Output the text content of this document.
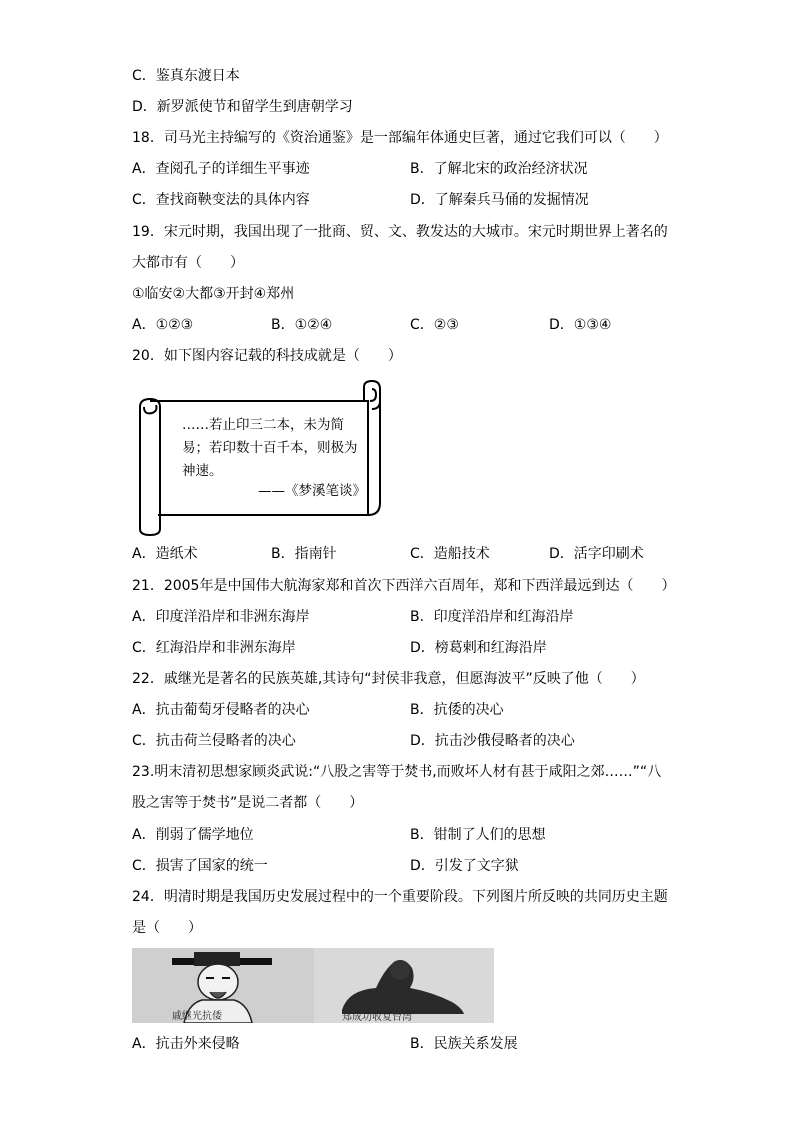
C．鉴真东渡日本
D．新罗派使节和留学生到唐朝学习
18．司马光主持编写的《资治通鉴》是一部编年体通史巨著，通过它我们可以（　　）
A．查阅孔子的详细生平事迹	B．了解北宋的政治经济状况
C．查找商鞅变法的具体内容	D．了解秦兵马俑的发掘情况
19．宋元时期，我国出现了一批商、贸、文、教发达的大城市。宋元时期世界上著名的
大都市有（　　）
①临安②大都③开封④郑州
A．①②③	B．①②④	C．②③	D．①③④
20．如下图内容记载的科技成就是（　　）
……若止印三二本，未为简
易；若印数十百千本，则极为
神速。
——《梦溪笔谈》
A．造纸术	B．指南针	C．造船技术	D．活字印刷术
21．2005年是中国伟大航海家郑和首次下西洋六百周年，郑和下西洋最远到达（　　）
A．印度洋沿岸和非洲东海岸	B．印度洋沿岸和红海沿岸
C．红海沿岸和非洲东海岸	D．榜葛剌和红海沿岸
22．戚继光是著名的民族英雄,其诗句“封侯非我意，但愿海波平”反映了他（　　）
A．抗击葡萄牙侵略者的决心	B．抗倭的决心
C．抗击荷兰侵略者的决心	D．抗击沙俄侵略者的决心
23.明末清初思想家顾炎武说:“八股之害等于焚书,而败坏人材有甚于咸阳之郊……”“八
股之害等于焚书”是说二者都（　　）
A．削弱了儒学地位	B．钳制了人们的思想
C．损害了国家的统一	D．引发了文字狱
24．明清时期是我国历史发展过程中的一个重要阶段。下列图片所反映的共同历史主题
是（　　）
戚继光抗倭	郑成功收复台湾
A．抗击外来侵略	B．民族关系发展
